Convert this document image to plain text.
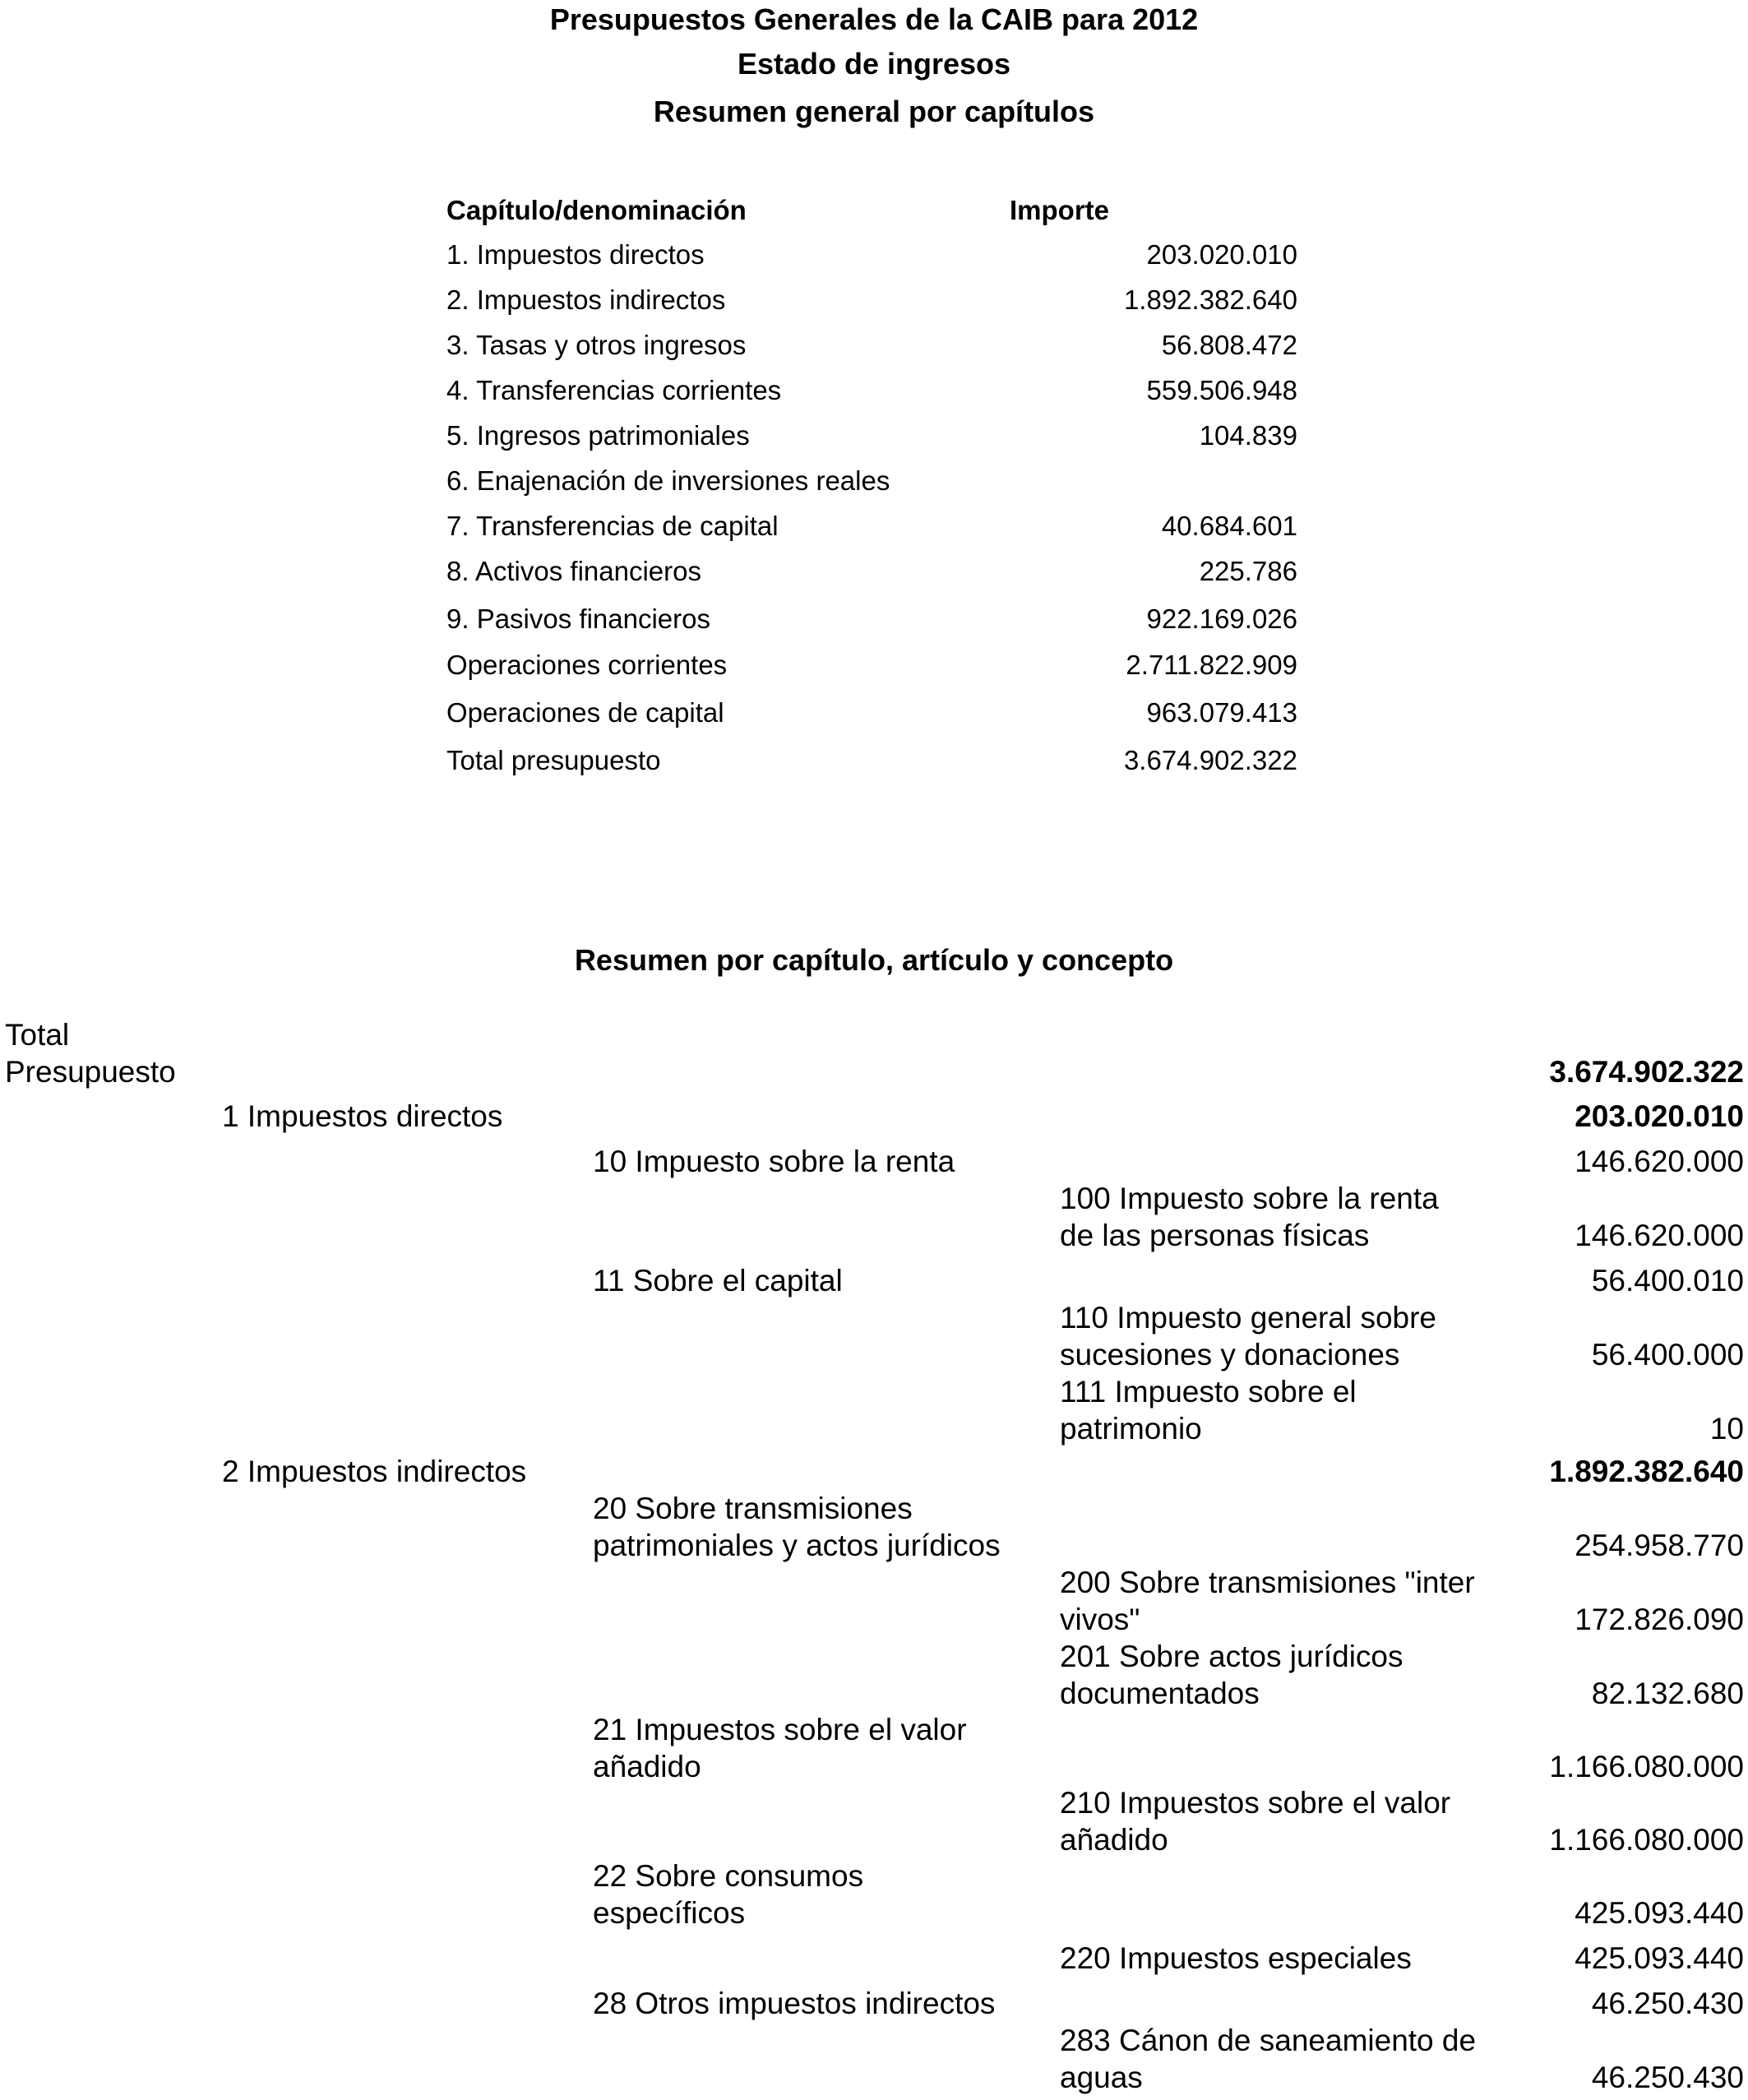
Presupuestos Generales de la CAIB para 2012
Estado de ingresos
Resumen general por capítulos
Capítulo/denominación	Importe
1. Impuestos directos	203.020.010
2. Impuestos indirectos	1.892.382.640
3. Tasas y otros ingresos	56.808.472
4. Transferencias corrientes	559.506.948
5. Ingresos patrimoniales	104.839
6. Enajenación de inversiones reales
7. Transferencias de capital	40.684.601
8. Activos financieros	225.786
9. Pasivos financieros	922.169.026
Operaciones corrientes	2.711.822.909
Operaciones de capital	963.079.413
Total presupuesto	3.674.902.322
Resumen por capítulo, artículo y concepto
Total
Presupuesto	3.674.902.322
1 Impuestos directos	203.020.010
10 Impuesto sobre la renta	146.620.000
100 Impuesto sobre la renta
de las personas físicas	146.620.000
11 Sobre el capital	56.400.010
110 Impuesto general sobre
sucesiones y donaciones	56.400.000
111 Impuesto sobre el
patrimonio	10
2 Impuestos indirectos	1.892.382.640
20 Sobre transmisiones
patrimoniales y actos jurídicos	254.958.770
200 Sobre transmisiones "inter
vivos"	172.826.090
201 Sobre actos jurídicos
documentados	82.132.680
21 Impuestos sobre el valor
añadido	1.166.080.000
210 Impuestos sobre el valor
añadido	1.166.080.000
22 Sobre consumos
específicos	425.093.440
220 Impuestos especiales	425.093.440
28 Otros impuestos indirectos	46.250.430
283 Cánon de saneamiento de
aguas	46.250.430
